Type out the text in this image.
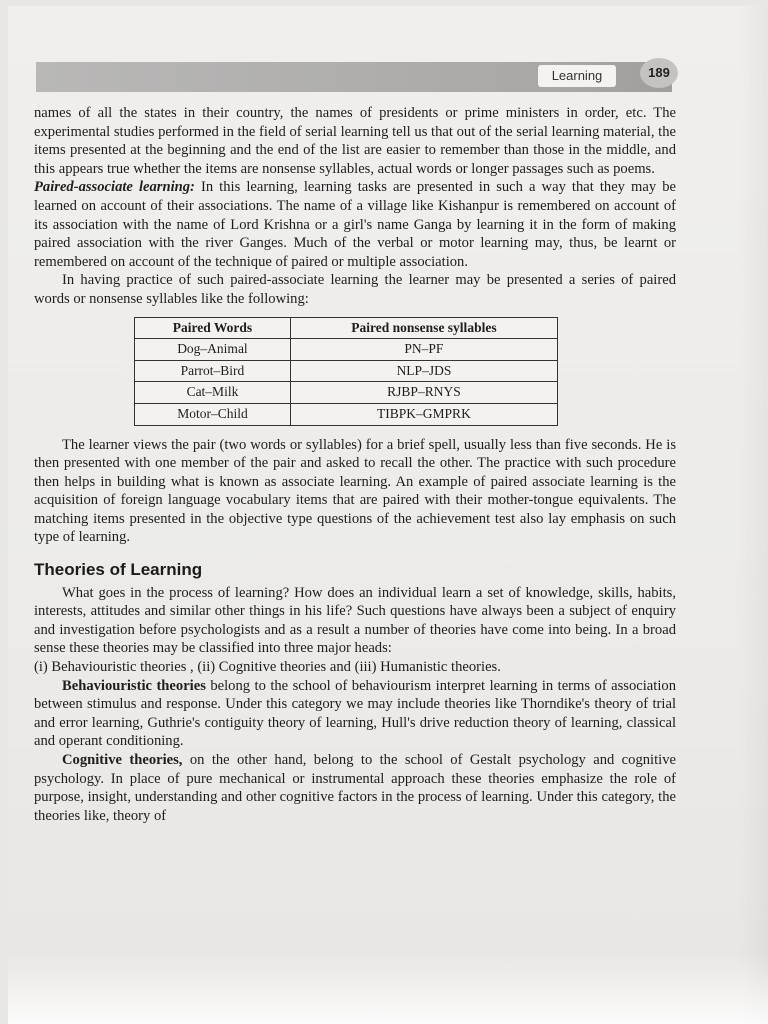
Learning	189

names of all the states in their country, the names of presidents or prime ministers in order, etc. The experimental studies performed in the field of serial learning tell us that out of the serial learning material, the items presented at the beginning and the end of the list are easier to remember than those in the middle, and this appears true whether the items are nonsense syllables, actual words or longer passages such as poems.

Paired-associate learning: In this learning, learning tasks are presented in such a way that they may be learned on account of their associations. The name of a village like Kishanpur is remembered on account of its association with the name of Lord Krishna or a girl's name Ganga by learning it in the form of making paired association with the river Ganges. Much of the verbal or motor learning may, thus, be learnt or remembered on account of the technique of paired or multiple association.

In having practice of such paired-associate learning the learner may be presented a series of paired words or nonsense syllables like the following:

Paired Words	Paired nonsense syllables
Dog–Animal	PN–PF
Parrot–Bird	NLP–JDS
Cat–Milk	RJBP–RNYS
Motor–Child	TIBPK–GMPRK

The learner views the pair (two words or syllables) for a brief spell, usually less than five seconds. He is then presented with one member of the pair and asked to recall the other. The practice with such procedure then helps in building what is known as associate learning. An example of paired associate learning is the acquisition of foreign language vocabulary items that are paired with their mother-tongue equivalents. The matching items presented in the objective type questions of the achievement test also lay emphasis on such type of learning.

Theories of Learning

What goes in the process of learning? How does an individual learn a set of knowledge, skills, habits, interests, attitudes and similar other things in his life? Such questions have always been a subject of enquiry and investigation before psychologists and as a result a number of theories have come into being. In a broad sense these theories may be classified into three major heads:

(i) Behaviouristic theories , (ii) Cognitive theories and (iii) Humanistic theories.

Behaviouristic theories belong to the school of behaviourism interpret learning in terms of association between stimulus and response. Under this category we may include theories like Thorndike's theory of trial and error learning, Guthrie's contiguity theory of learning, Hull's drive reduction theory of learning, classical and operant conditioning.

Cognitive theories, on the other hand, belong to the school of Gestalt psychology and cognitive psychology. In place of pure mechanical or instrumental approach these theories emphasize the role of purpose, insight, understanding and other cognitive factors in the process of learning. Under this category, the theories like, theory of
